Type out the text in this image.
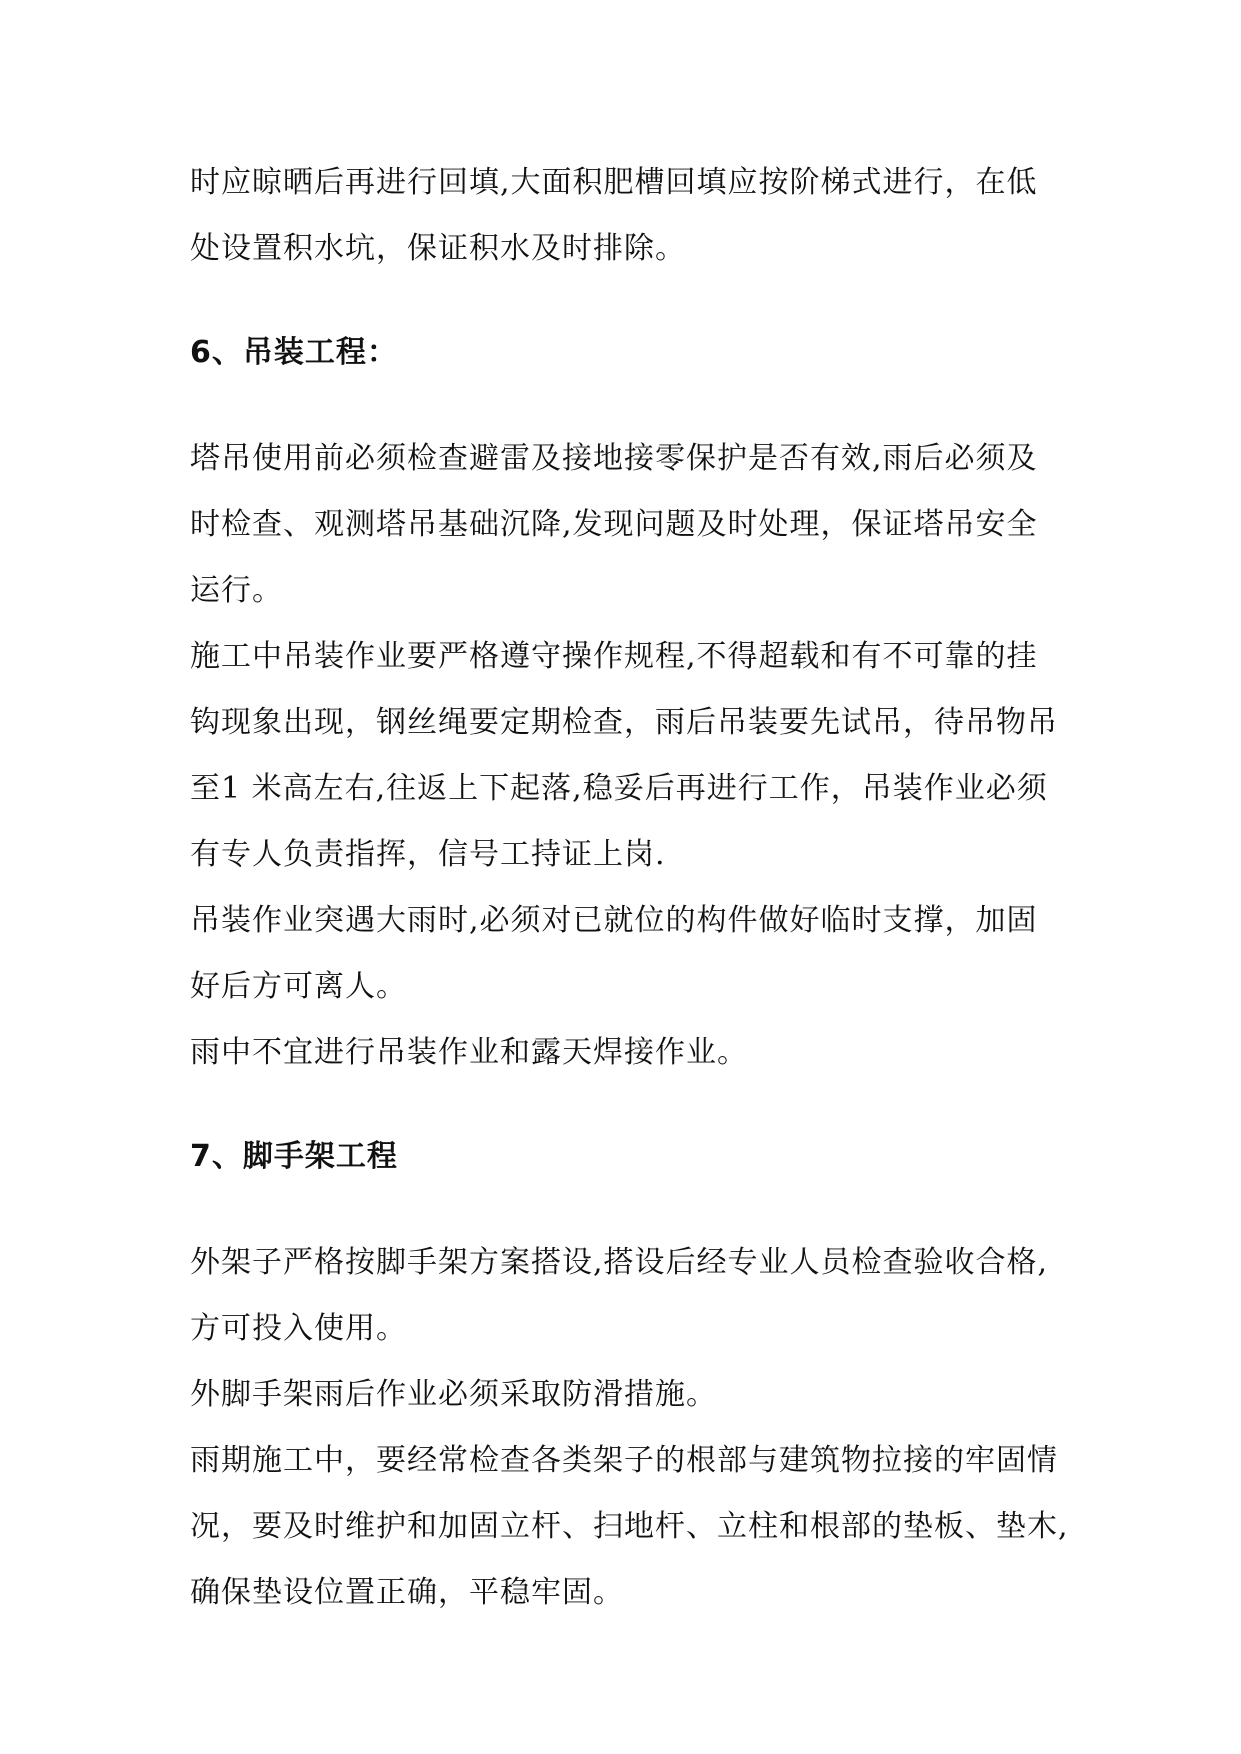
时应晾晒后再进行回填,大面积肥槽回填应按阶梯式进行，在低
处设置积水坑，保证积水及时排除。

6、吊装工程：

塔吊使用前必须检查避雷及接地接零保护是否有效,雨后必须及
时检查、观测塔吊基础沉降,发现问题及时处理，保证塔吊安全
运行。

施工中吊装作业要严格遵守操作规程,不得超载和有不可靠的挂
钩现象出现，钢丝绳要定期检查，雨后吊装要先试吊，待吊物吊
至1 米高左右,往返上下起落,稳妥后再进行工作，吊装作业必须
有专人负责指挥，信号工持证上岗.

吊装作业突遇大雨时,必须对已就位的构件做好临时支撑，加固
好后方可离人。

雨中不宜进行吊装作业和露天焊接作业。

7、脚手架工程

外架子严格按脚手架方案搭设,搭设后经专业人员检查验收合格,
方可投入使用。

外脚手架雨后作业必须采取防滑措施。

雨期施工中，要经常检查各类架子的根部与建筑物拉接的牢固情
况，要及时维护和加固立杆、扫地杆、立柱和根部的垫板、垫木,
确保垫设位置正确，平稳牢固。
